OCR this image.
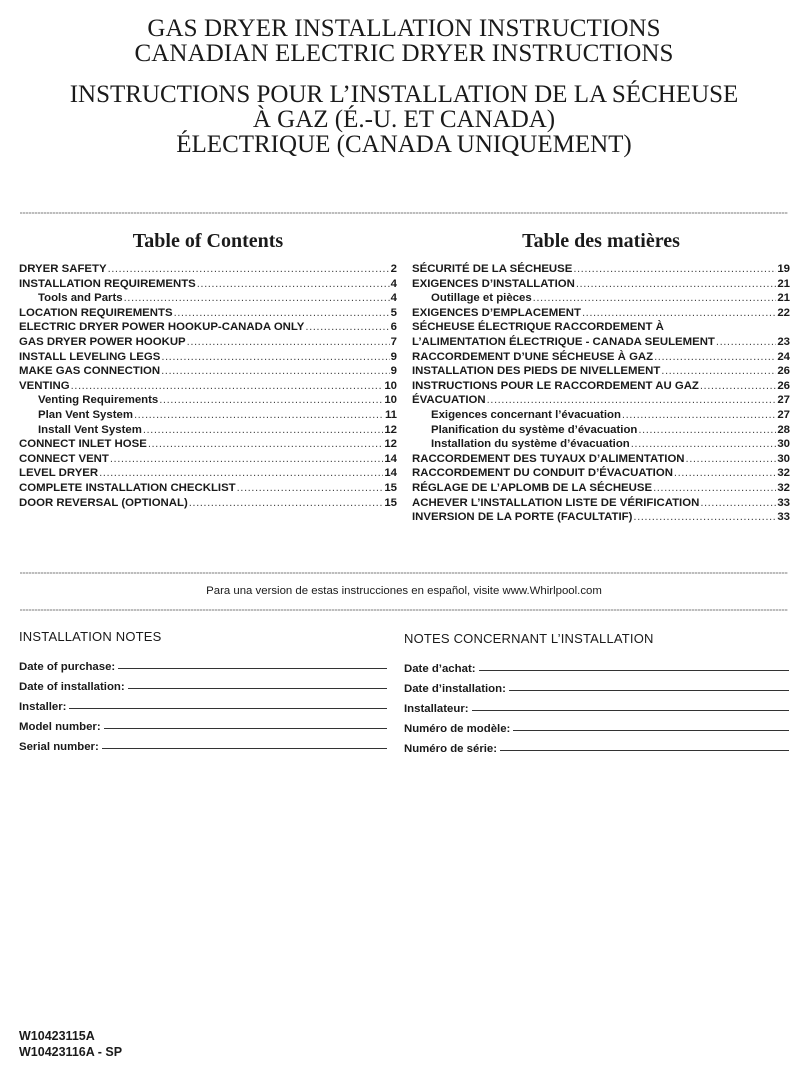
GAS DRYER INSTALLATION INSTRUCTIONS
CANADIAN ELECTRIC DRYER INSTRUCTIONS
INSTRUCTIONS POUR L’INSTALLATION DE LA SÉCHEUSE
À GAZ (É.-U. ET CANADA)
ÉLECTRIQUE (CANADA UNIQUEMENT)
Table of Contents
DRYER SAFETY .....	2
INSTALLATION REQUIREMENTS .....	4
Tools and Parts .....	4
LOCATION REQUIREMENTS .....	5
ELECTRIC DRYER POWER HOOKUP-CANADA ONLY .....	6
GAS DRYER POWER HOOKUP .....	7
INSTALL LEVELING LEGS .....	9
MAKE GAS CONNECTION .....	9
VENTING .....	10
Venting Requirements .....	10
Plan Vent System .....	11
Install Vent System .....	12
CONNECT INLET HOSE .....	12
CONNECT VENT .....	14
LEVEL DRYER .....	14
COMPLETE INSTALLATION CHECKLIST .....	15
DOOR REVERSAL (OPTIONAL) .....	15
Table des matières
SÉCURITÉ DE LA SÉCHEUSE .....	19
EXIGENCES D’INSTALLATION .....	21
Outillage et pièces .....	21
EXIGENCES D’EMPLACEMENT .....	22
SÉCHEUSE ÉLECTRIQUE RACCORDEMENT À
L’ALIMENTATION ÉLECTRIQUE - CANADA SEULEMENT .....	23
RACCORDEMENT D’UNE SÉCHEUSE À GAZ .....	24
INSTALLATION DES PIEDS DE NIVELLEMENT .....	26
INSTRUCTIONS POUR LE RACCORDEMENT AU GAZ .....	26
ÉVACUATION .....	27
Exigences concernant l’évacuation .....	27
Planification du système d’évacuation .....	28
Installation du système d’évacuation .....	30
RACCORDEMENT DES TUYAUX D’ALIMENTATION .....	30
RACCORDEMENT DU CONDUIT D’ÉVACUATION .....	32
RÉGLAGE DE L’APLOMB DE LA SÉCHEUSE .....	32
ACHEVER L’INSTALLATION LISTE DE VÉRIFICATION .....	33
INVERSION DE LA PORTE (FACULTATIF) .....	33
Para una version de estas instrucciones en español, visite www.Whirlpool.com
INSTALLATION NOTES
Date of purchase:
Date of installation:
Installer:
Model number:
Serial number:
NOTES CONCERNANT L’INSTALLATION
Date d’achat:
Date d’installation:
Installateur:
Numéro de modèle:
Numéro de série:
W10423115A
W10423116A - SP
